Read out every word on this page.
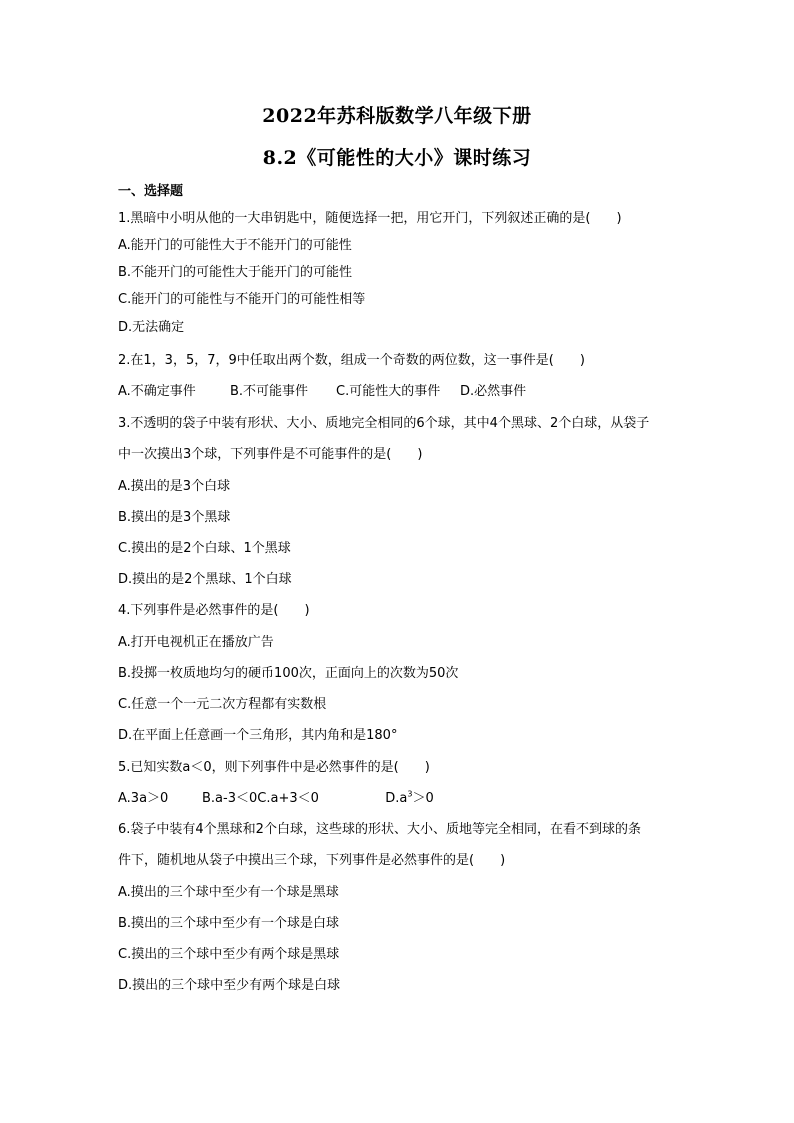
2022年苏科版数学八年级下册
8.2《可能性的大小》课时练习
一、选择题
1.黑暗中小明从他的一大串钥匙中，随便选择一把，用它开门，下列叙述正确的是(　　)
A.能开门的可能性大于不能开门的可能性
B.不能开门的可能性大于能开门的可能性
C.能开门的可能性与不能开门的可能性相等
D.无法确定
2.在1，3，5，7，9中任取出两个数，组成一个奇数的两位数，这一事件是(　　)
A.不确定事件	B.不可能事件	C.可能性大的事件	D.必然事件
3.不透明的袋子中装有形状、大小、质地完全相同的6个球，其中4个黑球、2个白球，从袋子
中一次摸出3个球，下列事件是不可能事件的是(　　)
A.摸出的是3个白球
B.摸出的是3个黑球
C.摸出的是2个白球、1个黑球
D.摸出的是2个黑球、1个白球
4.下列事件是必然事件的是(　　)
A.打开电视机正在播放广告
B.投掷一枚质地均匀的硬币100次，正面向上的次数为50次
C.任意一个一元二次方程都有实数根
D.在平面上任意画一个三角形，其内角和是180°
5.已知实数a＜0，则下列事件中是必然事件的是(　　)
A.3a＞0	B.a-3＜0 C.a+3＜0	$D.a^3>0$
6.袋子中装有4个黑球和2个白球，这些球的形状、大小、质地等完全相同，在看不到球的条
件下，随机地从袋子中摸出三个球，下列事件是必然事件的是(　　)
A.摸出的三个球中至少有一个球是黑球
B.摸出的三个球中至少有一个球是白球
C.摸出的三个球中至少有两个球是黑球
D.摸出的三个球中至少有两个球是白球
